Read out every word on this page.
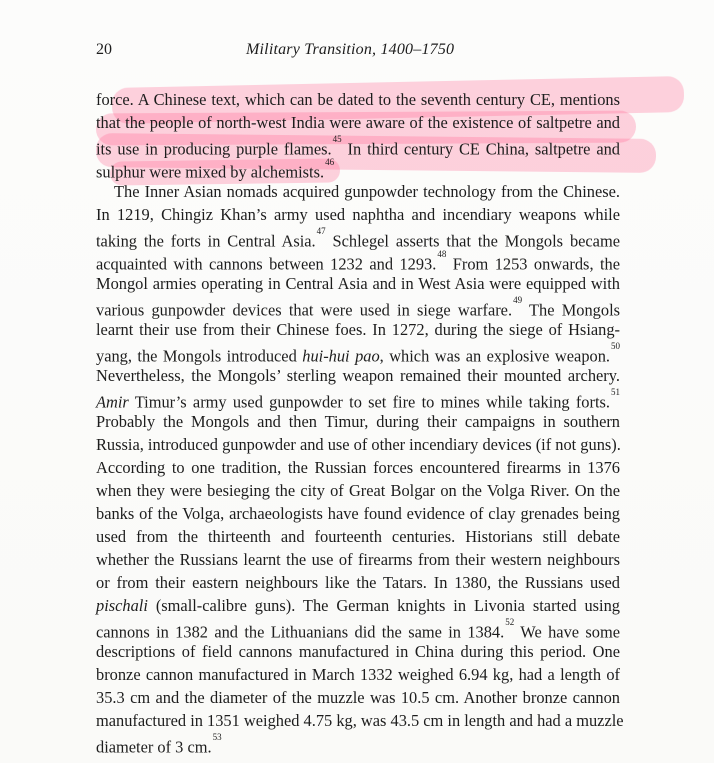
20	Military Transition, 1400–1750
force. A Chinese text, which can be dated to the seventh century CE, mentions
that the people of north-west India were aware of the existence of saltpetre and
its use in producing purple flames.$^{45}$ In third century CE China, saltpetre and
sulphur were mixed by alchemists.$^{46}$
The Inner Asian nomads acquired gunpowder technology from the Chinese.
In 1219, Chingiz Khan’s army used naphtha and incendiary weapons while
taking the forts in Central Asia.$^{47}$ Schlegel asserts that the Mongols became
acquainted with cannons between 1232 and 1293.48 From 1253 onwards, the
Mongol armies operating in Central Asia and in West Asia were equipped with
various gunpowder devices that were used in siege warfare.$^{49}$ The Mongols
learnt their use from their Chinese foes. In 1272, during the siege of Hsiang-
yang, the Mongols introduced hui-hui pao, which was an explosive weapon.$^{50}$
Nevertheless, the Mongols’ sterling weapon remained their mounted archery.
Amir Timur’s army used gunpowder to set fire to mines while taking forts.$^{51}$
Probably the Mongols and then Timur, during their campaigns in southern
Russia, introduced gunpowder and use of other incendiary devices (if not guns).
According to one tradition, the Russian forces encountered firearms in 1376
when they were besieging the city of Great Bolgar on the Volga River. On the
banks of the Volga, archaeologists have found evidence of clay grenades being
used from the thirteenth and fourteenth centuries. Historians still debate
whether the Russians learnt the use of firearms from their western neighbours
or from their eastern neighbours like the Tatars. In 1380, the Russians used
pischali (small-calibre guns). The German knights in Livonia started using
cannons in 1382 and the Lithuanians did the same in 1384.52 We have some
descriptions of field cannons manufactured in China during this period. One
bronze cannon manufactured in March 1332 weighed 6.94 kg, had a length of
35.3 cm and the diameter of the muzzle was 10.5 cm. Another bronze cannon
manufactured in 1351 weighed 4.75 kg, was 43.5 cm in length and had a muzzle
diameter of 3 cm.$^{53}$
